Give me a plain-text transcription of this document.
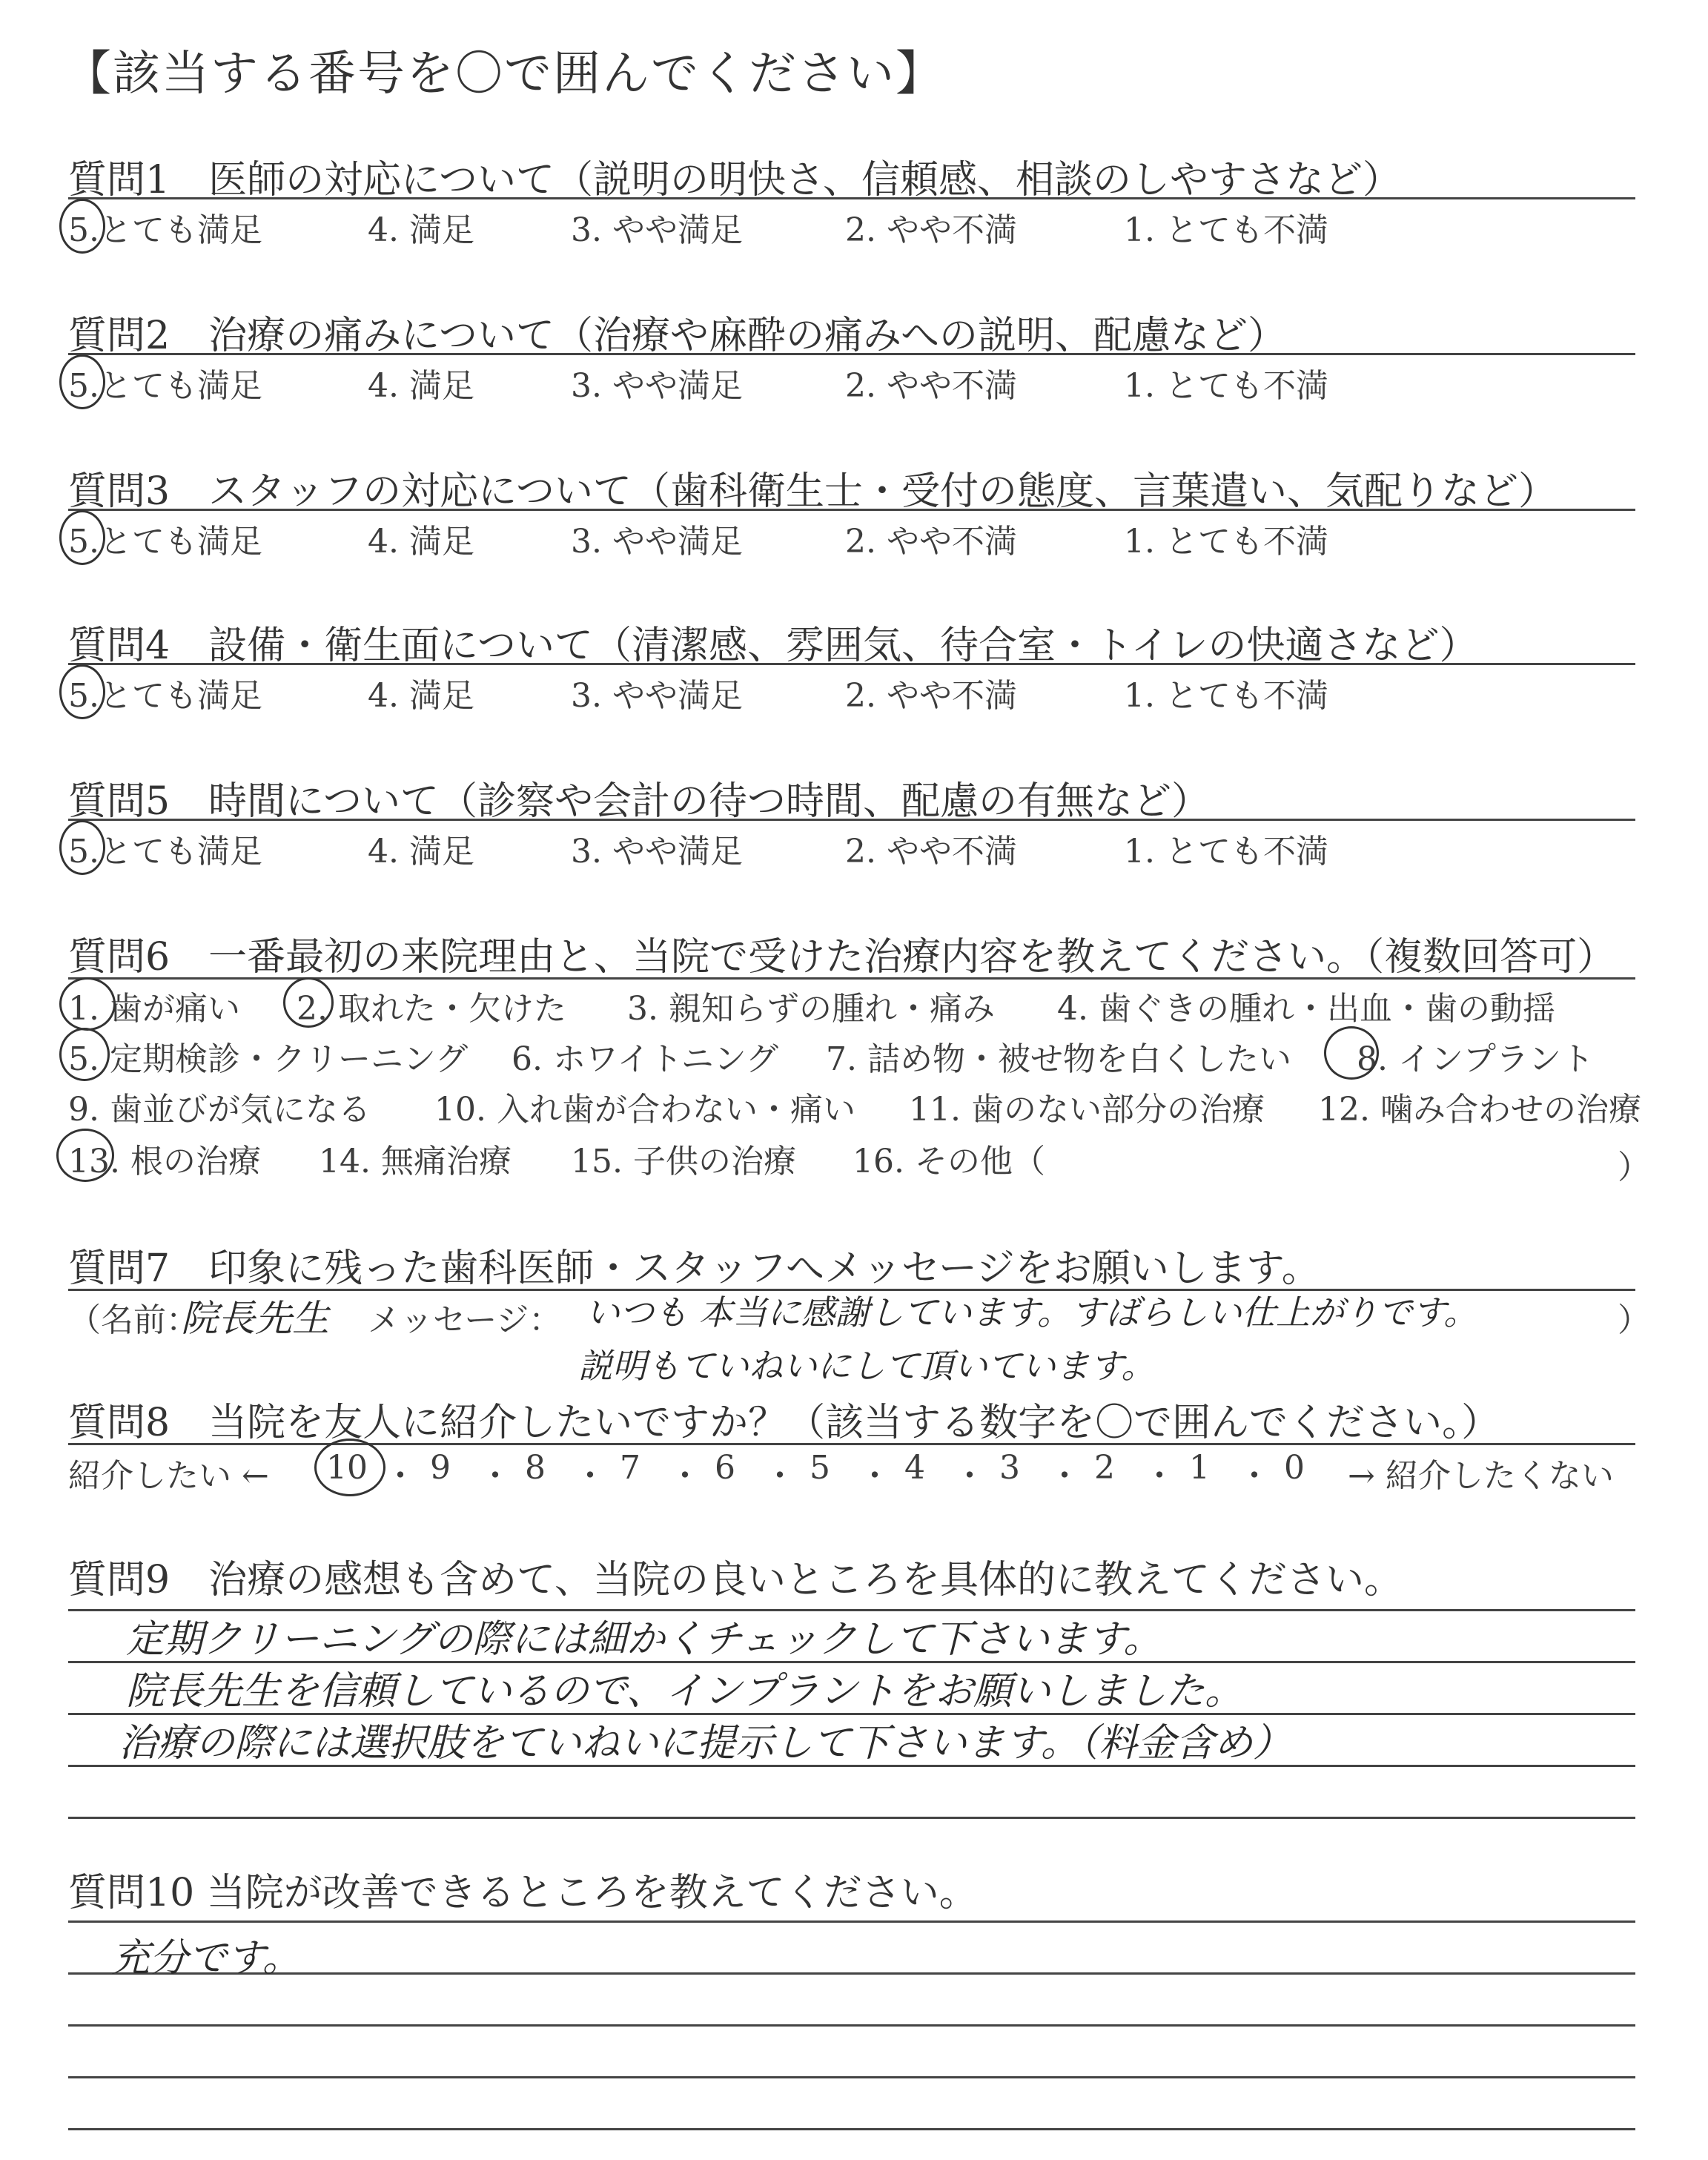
【該当する番号を〇で囲んでください】
質問1　医師の対応について（説明の明快さ、信頼感、相談のしやすさなど）
5.とても満足	4. 満足	3. やや満足	2. やや不満	1. とても不満
質問2　治療の痛みについて（治療や麻酔の痛みへの説明、配慮など）
5.とても満足	4. 満足	3. やや満足	2. やや不満	1. とても不満
質問3　スタッフの対応について（歯科衛生士・受付の態度、言葉遣い、気配りなど）
5.とても満足	4. 満足	3. やや満足	2. やや不満	1. とても不満
質問4　設備・衛生面について（清潔感、雰囲気、待合室・トイレの快適さなど）
5.とても満足	4. 満足	3. やや満足	2. やや不満	1. とても不満
質問5　時間について（診察や会計の待つ時間、配慮の有無など）
5.とても満足	4. 満足	3. やや満足	2. やや不満	1. とても不満
質問6　一番最初の来院理由と、当院で受けた治療内容を教えてください。（複数回答可）
1. 歯が痛い 2. 取れた・欠けた 3. 親知らずの腫れ・痛み 4. 歯ぐきの腫れ・出血・歯の動揺
5. 定期検診・クリーニング 6. ホワイトニング 7. 詰め物・被せ物を白くしたい 8. インプラント
9. 歯並びが気になる 10. 入れ歯が合わない・痛い 11. 歯のない部分の治療 12. 噛み合わせの治療
13. 根の治療 14. 無痛治療 15. 子供の治療 16. その他（	）
質問7　印象に残った歯科医師・スタッフへメッセージをお願いします。
（名前：
院長先生 メッセージ： いつも 本当に感謝しています。すばらしい仕上がりです。
説明もていねいにして頂いています。
）
質問8　当院を友人に紹介したいですか？（該当する数字を〇で囲んでください。）
紹介したい ← 10 ・ 9 ・ 8 ・ 7 ・ 6 ・ 5 ・ 4 ・ 3 ・ 2 ・ 1 ・ 0 → 紹介したくない
質問9　治療の感想も含めて、当院の良いところを具体的に教えてください。
定期クリーニングの際には細かくチェックして下さいます。
院長先生を信頼しているので、インプラントをお願いしました。
治療の際には選択肢をていねいに提示して下さいます。（料金含め）
質問10 当院が改善できるところを教えてください。
充分です。
